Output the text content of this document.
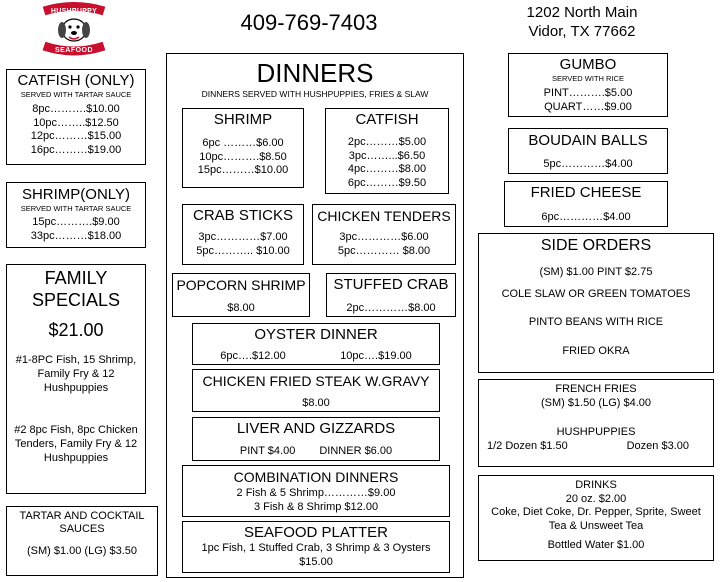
HUSHPUPPY
SEAFOOD
409-769-7403	1202 North Main
Vidor, TX 77662
CATFISH (ONLY)
SERVED WITH TARTAR SAUCE
8pc……….$10.00
10pc……..$12.50
12pc………$15.00
16pc………$19.00
SHRIMP(ONLY)
SERVED WITH TARTAR SAUCE
15pc……….$9.00
33pc………$18.00
FAMILY
SPECIALS
$21.00
#1-8PC Fish, 15 Shrimp, Family Fry & 12 Hushpuppies
#2 8pc Fish, 8pc Chicken Tenders, Family Fry & 12 Hushpuppies
TARTAR AND COCKTAIL SAUCES
(SM) $1.00 (LG) $3.50
DINNERS
DINNERS SERVED WITH HUSHPUPPIES, FRIES & SLAW
SHRIMP
6pc ………$6.00
10pc……….$8.50
15pc………$10.00
CATFISH
2pc………$5.00
3pc……...$6.50
4pc………$8.00
6pc………$9.50
CRAB STICKS
3pc…………$7.00
5pc……….. $10.00
CHICKEN TENDERS
3pc…………$6.00
5pc………… $8.00
POPCORN SHRIMP
$8.00
STUFFED CRAB
2pc…………$8.00
OYSTER DINNER
6pc….$12.00	10pc….$19.00
CHICKEN FRIED STEAK W.GRAVY
$8.00
LIVER AND GIZZARDS
PINT $4.00 DINNER $6.00
COMBINATION DINNERS
2 Fish & 5 Shrimp…………$9.00
3 Fish & 8 Shrimp $12.00
SEAFOOD PLATTER
1pc Fish, 1 Stuffed Crab, 3 Shrimp & 3 Oysters
$15.00
GUMBO
SERVED WITH RICE
PINT……….$5.00
QUART……$9.00
BOUDAIN BALLS
5pc…………$4.00
FRIED CHEESE
6pc…………$4.00
SIDE ORDERS
(SM) $1.00 PINT $2.75
COLE SLAW OR GREEN TOMATOES
PINTO BEANS WITH RICE
FRIED OKRA
FRENCH FRIES
(SM) $1.50 (LG) $4.00
HUSHPUPPIES
1/2 Dozen $1.50	Dozen $3.00
DRINKS
20 oz. $2.00
Coke, Diet Coke, Dr. Pepper, Sprite, Sweet Tea & Unsweet Tea
Bottled Water $1.00
